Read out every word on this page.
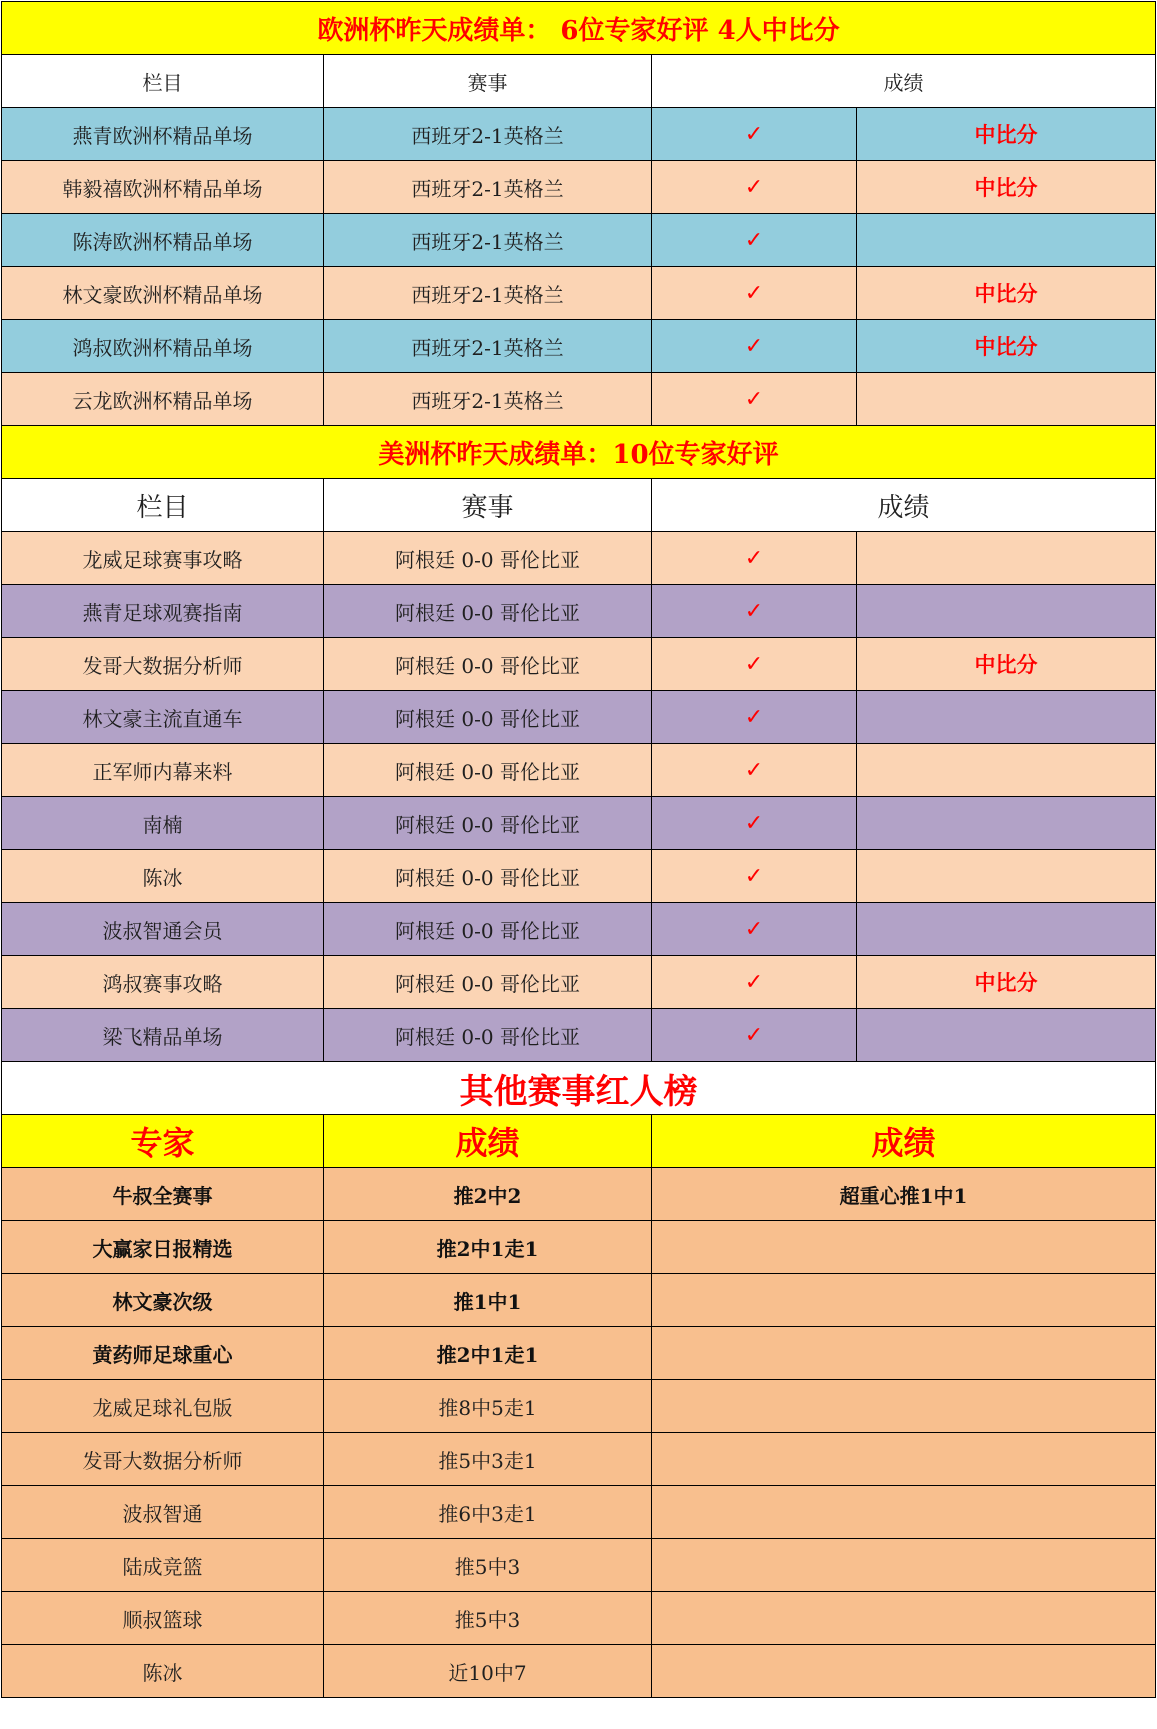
欧洲杯昨天成绩单： 6位专家好评 4人中比分			
栏目	赛事	成绩	
燕青欧洲杯精品单场	西班牙2-1英格兰	✓	中比分
韩毅禧欧洲杯精品单场	西班牙2-1英格兰	✓	中比分
陈涛欧洲杯精品单场	西班牙2-1英格兰	✓	
林文豪欧洲杯精品单场	西班牙2-1英格兰	✓	中比分
鸿叔欧洲杯精品单场	西班牙2-1英格兰	✓	中比分
云龙欧洲杯精品单场	西班牙2-1英格兰	✓	
美洲杯昨天成绩单：10位专家好评			
栏目	赛事	成绩	
龙威足球赛事攻略	阿根廷 0-0 哥伦比亚	✓	
燕青足球观赛指南	阿根廷 0-0 哥伦比亚	✓	
发哥大数据分析师	阿根廷 0-0 哥伦比亚	✓	中比分
林文豪主流直通车	阿根廷 0-0 哥伦比亚	✓	
正军师内幕来料	阿根廷 0-0 哥伦比亚	✓	
南楠	阿根廷 0-0 哥伦比亚	✓	
陈冰	阿根廷 0-0 哥伦比亚	✓	
波叔智通会员	阿根廷 0-0 哥伦比亚	✓	
鸿叔赛事攻略	阿根廷 0-0 哥伦比亚	✓	中比分
梁飞精品单场	阿根廷 0-0 哥伦比亚	✓	
其他赛事红人榜			
专家	成绩	成绩	
牛叔全赛事	推2中2	超重心推1中1	
大赢家日报精选	推2中1走1		
林文豪次级	推1中1		
黄药师足球重心	推2中1走1		
龙威足球礼包版	推8中5走1		
发哥大数据分析师	推5中3走1		
波叔智通	推6中3走1		
陆成竞篮	推5中3		
顺叔篮球	推5中3		
陈冰	近10中7		
